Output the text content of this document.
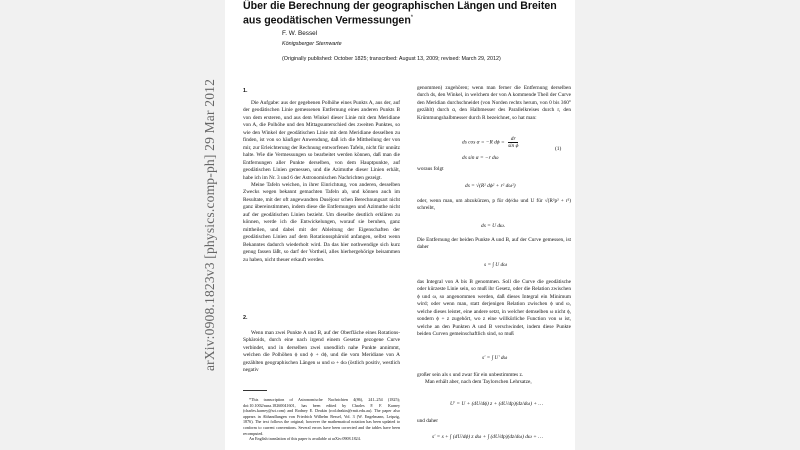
arXiv:0908.1823v3 [physics.comp-ph] 29 Mar 2012
Über die Berechnung der geographischen Längen und Breiten aus geodätischen Vermessungen*
F. W. Bessel
Königsberger Sternwarte
(Originally published: October 1825; transcribed: August 13, 2009; revised: March 29, 2012)
1.

Die Aufgabe: aus der gegebenen Polhöhe eines Punkts A, aus der, auf der geodätischen Linie gemessenen Entfernung eines anderen Punkts B von dem ersteren, und aus dem Winkel dieser Linie mit dem Meridiane von A, die Polhöhe und den Mittagsunterschied des zweiten Punktes, so wie den Winkel der geodätischen Linie mit dem Meridiane desselben zu finden, ist von so häufiger Anwendung, daß ich die Mittheilung der von mir, zur Erleichterung der Rechnung entworfenen Tafeln, nicht für unnütz halte. Wie die Vermessungen so bearbeitet werden können, daß man die Entfernungen aller Punkte derselben, von dem Hauptpunkte, auf geodätischen Linien gemessen, und die Azimuthe dieser Linien erhält, habe ich im Nr. 3 und 6 der Astronomischen Nachrichten gezeigt.

Meine Tafeln weichen, in ihrer Einrichtung, von anderen, desselben Zwecks wegen bekannt gemachten Tafeln ab, und können auch im Resultate, mit der oft angewandten Duséjour schen Berechnungsart nicht ganz übereinstimmen, indem diese die Entfernungen und Azimuthe nicht auf der geodätischen Linien bezieht. Um dieselbe deutlich erklären zu können, werde ich die Entwickelungen, worauf sie beruhen, ganz mittheilen, und dabei mit der Ableitung der Eigenschaften der geodätischen Linien auf dem Rotationssphäroid anfangen, selbst wenn Bekanntes dadurch wiederholt wird. Da das hier nothwendige sich kurz genug fassen läßt, so darf der Vortheil, alles hierhergehörige beisammen zu haben, nicht theuer erkauft werden.

2.

Wenn man zwei Punkte A und B, auf der Oberfläche eines Rotations-Sphäroids, durch eine nach irgend einem Gesetze gezogene Curve verbindet, und in derselben zwei unendlich nahe Punkte annimmt, welchen die Polhöhen ϕ und ϕ + dϕ, und die vom Meridiane von A gezählten geographischen Längen ω und ω + dω (östlich positiv, westlich negativ

*This transcription of Astronomische Nachrichten 4(86), 241–254 (1825); doi:10.1002/asna.18260041601, has been edited by Charles F. F. Karney (charles.karney@sri.com) and Rodney E. Deakin (rod.deakin@rmit.edu.au). The paper also appears in Abhandlungen von Friedrich Wilhelm Bessel, Vol. 3 (W. Engelmann, Leipzig, 1876). The text follows the original; however the mathematical notation has been updated to conform to current conventions. Several errors have been corrected and the tables have been recomputed.

An English translation of this paper is available at arXiv:0908.1824.

genommen) zugehören; wenn man ferner die Entfernung derselben durch ds, den Winkel, in welchem der von A kommende Theil der Curve den Meridian durchschneidet (von Norden rechts herum, von 0 bis 360° gezählt) durch α, den Halbmesser des Parallelkreises durch r, den Krümmungshalbmesser durch R bezeichnet, so hat man:

ds cos α = −R $d\phi = \frac{dr}{\text{sin ϕ}}$	(1)
ds sin α = −r dω

woraus folgt

ds = √(R² dϕ² + r² dω²)

oder, wenn man, um abzukürzen, p für dϕ/dω und U für √(R²p² + r²) schreibt,

ds = U dω.

Die Entfernung der beiden Punkte A und B, auf der Curve gemessen, ist daher

s = ∫ U dω

das Integral von A bis B genommen. Soll die Curve die geodätische oder kürzeste Linie sein, so muß ihr Gesetz, oder die Relation zwischen ϕ und ω, so angenommen werden, daß dieses Integral ein Minimum wird; oder wenn man, statt derjenigen Relation zwischen ϕ und ω, welche dieses leistet, eine andere setzt, in welcher demselben ω nicht ϕ, sondern ϕ + z zugehört, wo z eine willkürliche Function von ω ist, welche an den Punkten A und B verschwindet, indem diese Punkte beiden Curven gemeinschaftlich sind, so muß

s′ = ∫ U′ dω

großer sein als s und zwar für ein unbestimmtes z.

Man erhält aber, nach dem Taylorschen Lehrsatze,

U′ = U + (dU/dϕ) z + (dU/dp)(dz/dω) + …

und daher

s′ = s + ∫ (dU/dϕ) z dω + ∫ (dU/dp)(dz/dω) dω + …
